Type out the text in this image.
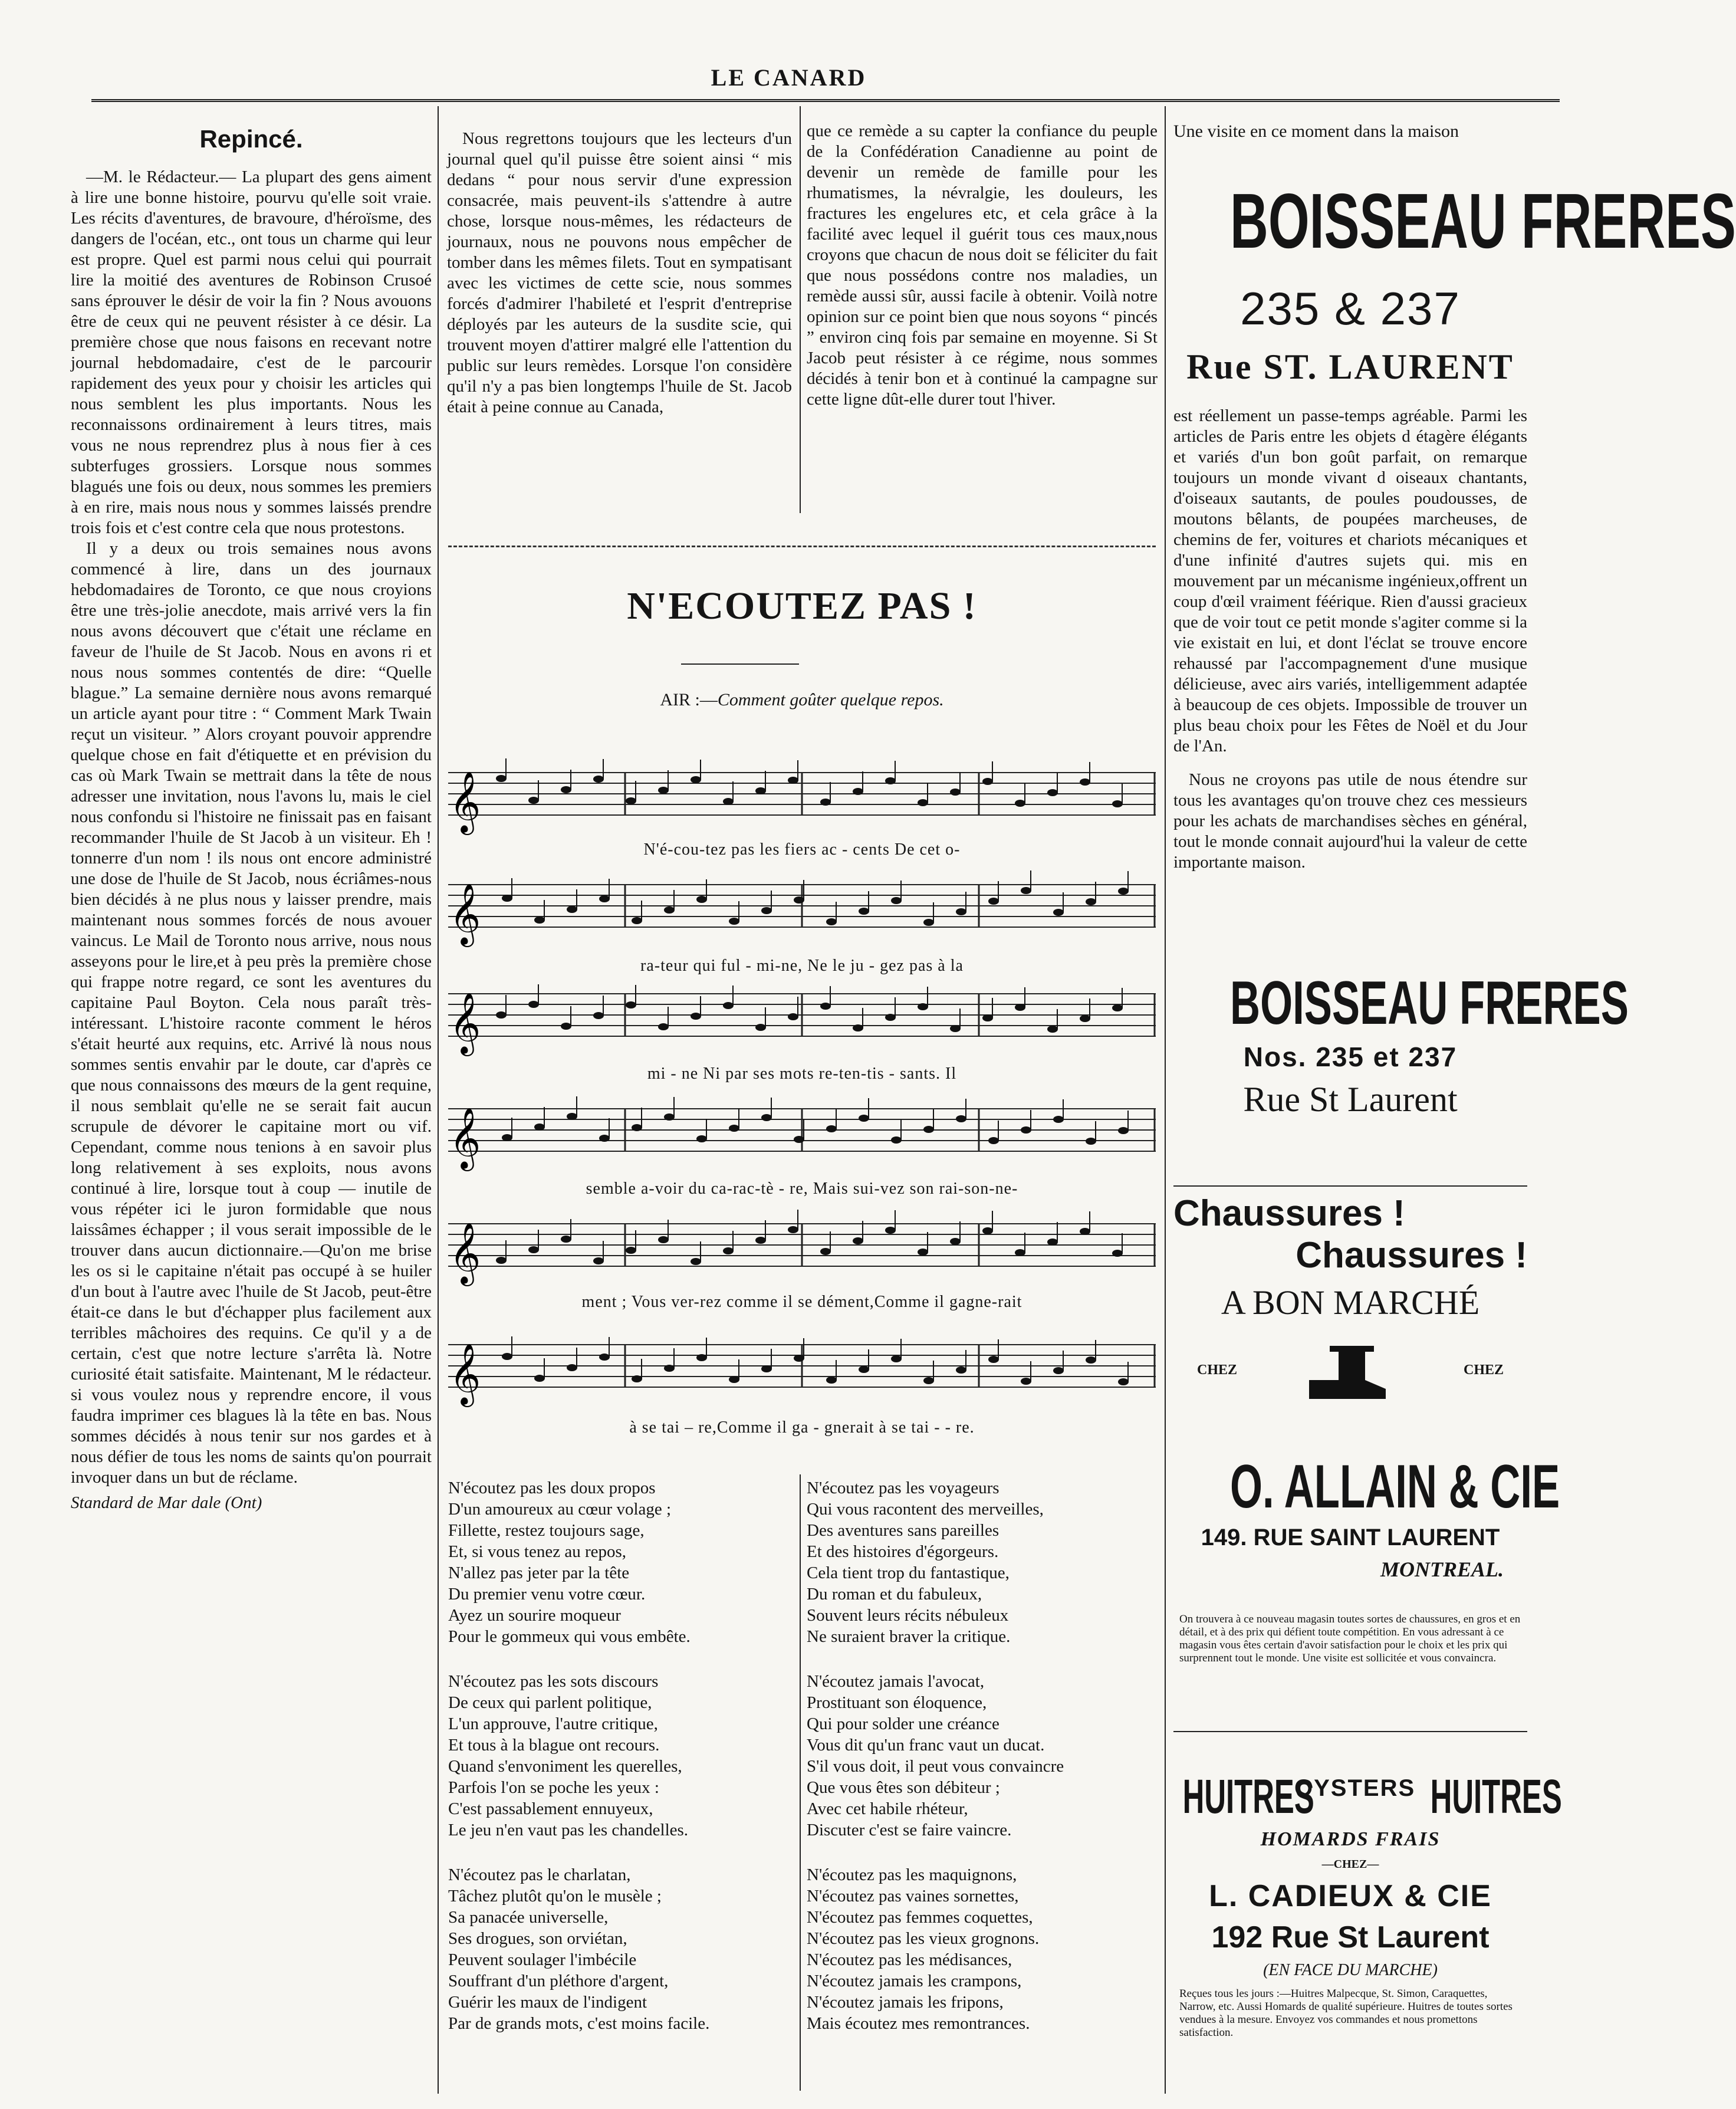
LE CANARD
Repincé.

—M. le Rédacteur.— La plupart des gens aiment à lire une bonne histoire, pourvu qu'elle soit vraie. Les récits d'aventures, de bravoure, d'héroïsme, des dangers de l'océan, etc., ont tous un charme qui leur est propre. Quel est parmi nous celui qui pourrait lire la moitié des aventures de Robinson Crusoé sans éprouver le désir de voir la fin ? Nous avouons être de ceux qui ne peuvent résister à ce désir. La première chose que nous faisons en recevant notre journal hebdomadaire, c'est de le parcourir rapidement des yeux pour y choisir les articles qui nous semblent les plus importants. Nous les reconnaissons ordinairement à leurs titres, mais vous ne nous reprendrez plus à nous fier à ces subterfuges grossiers. Lorsque nous sommes blagués une fois ou deux, nous sommes les premiers à en rire, mais nous nous y sommes laissés prendre trois fois et c'est contre cela que nous protestons.

Il y a deux ou trois semaines nous avons commencé à lire, dans un des journaux hebdomadaires de Toronto, ce que nous croyions être une très-jolie anecdote, mais arrivé vers la fin nous avons découvert que c'était une réclame en faveur de l'huile de St Jacob. Nous en avons ri et nous nous sommes contentés de dire: “Quelle blague.” La semaine dernière nous avons remarqué un article ayant pour titre : “ Comment Mark Twain reçut un visiteur. ” Alors croyant pouvoir apprendre quelque chose en fait d'étiquette et en prévision du cas où Mark Twain se mettrait dans la tête de nous adresser une invitation, nous l'avons lu, mais le ciel nous confondu si l'histoire ne finissait pas en faisant recommander l'huile de St Jacob à un visiteur. Eh ! tonnerre d'un nom ! ils nous ont encore administré une dose de l'huile de St Jacob, nous écriâmes-nous bien décidés à ne plus nous y laisser prendre, mais maintenant nous sommes forcés de nous avouer vaincus. Le Mail de Toronto nous arrive, nous nous asseyons pour le lire,et à peu près la première chose qui frappe notre regard, ce sont les aventures du capitaine Paul Boyton. Cela nous paraît très-intéressant. L'histoire raconte comment le héros s'était heurté aux requins, etc. Arrivé là nous nous sommes sentis envahir par le doute, car d'après ce que nous connaissons des mœurs de la gent requine, il nous semblait qu'elle ne se serait fait aucun scrupule de dévorer le capitaine mort ou vif. Cependant, comme nous tenions à en savoir plus long relativement à ses exploits, nous avons continué à lire, lorsque tout à coup — inutile de vous répéter ici le juron formidable que nous laissâmes échapper ; il vous serait impossible de le trouver dans aucun dictionnaire.—Qu'on me brise les os si le capitaine n'était pas occupé à se huiler d'un bout à l'autre avec l'huile de St Jacob, peut-être était-ce dans le but d'échapper plus facilement aux terribles mâchoires des requins. Ce qu'il y a de certain, c'est que notre lecture s'arrêta là. Notre curiosité était satisfaite. Maintenant, M le rédacteur. si vous voulez nous y reprendre encore, il vous faudra imprimer ces blagues là la tête en bas. Nous sommes décidés à nous tenir sur nos gardes et à nous défier de tous les noms de saints qu'on pourrait invoquer dans un but de réclame.

Standard de Mar dale (Ont)

Nous regrettons toujours que les lecteurs d'un journal quel qu'il puisse être soient ainsi “ mis dedans “ pour nous servir d'une expression consacrée, mais peuvent-ils s'attendre à autre chose, lorsque nous-mêmes, les rédacteurs de journaux, nous ne pouvons nous empêcher de tomber dans les mêmes filets. Tout en sympatisant avec les victimes de cette scie, nous sommes forcés d'admirer l'habileté et l'esprit d'entreprise déployés par les auteurs de la susdite scie, qui trouvent moyen d'attirer malgré elle l'attention du public sur leurs remèdes. Lorsque l'on considère qu'il n'y a pas bien longtemps l'huile de St. Jacob était à peine connue au Canada,

que ce remède a su capter la confiance du peuple de la Confédération Canadienne au point de devenir un remède de famille pour les rhumatismes, la névralgie, les douleurs, les fractures les engelures etc, et cela grâce à la facilité avec lequel il guérit tous ces maux,nous croyons que chacun de nous doit se féliciter du fait que nous possédons contre nos maladies, un remède aussi sûr, aussi facile à obtenir. Voilà notre opinion sur ce point bien que nous soyons “ pincés ” environ cinq fois par semaine en moyenne. Si St Jacob peut résister à ce régime, nous sommes décidés à tenir bon et à continué la campagne sur cette ligne dût-elle durer tout l'hiver.

N'ECOUTEZ PAS !
AIR :—Comment goûter quelque repos.
𝄞
𝄞
𝄞
𝄞
𝄞
𝄞
N'é-cou-tez pas les fiers ac - cents De cet o-
ra-teur qui ful - mi-ne, Ne le ju - gez pas à la
mi - ne Ni par ses mots re-ten-tis - sants. Il
semble a-voir du ca-rac-tè - re, Mais sui-vez son rai-son-ne-
ment ; Vous ver-rez comme il se dément,Comme il gagne-rait
à se tai – re,Comme il ga - gnerait à se tai - - re.
N'écoutez pas les doux propos
D'un amoureux au cœur volage ;
Fillette, restez toujours sage,
Et, si vous tenez au repos,
N'allez pas jeter par la tête
Du premier venu votre cœur.
Ayez un sourire moqueur
Pour le gommeux qui vous embête.
N'écoutez pas les sots discours
De ceux qui parlent politique,
L'un approuve, l'autre critique,
Et tous à la blague ont recours.
Quand s'envoniment les querelles,
Parfois l'on se poche les yeux :
C'est passablement ennuyeux,
Le jeu n'en vaut pas les chandelles.
N'écoutez pas le charlatan,
Tâchez plutôt qu'on le musèle ;
Sa panacée universelle,
Ses drogues, son orviétan,
Peuvent soulager l'imbécile
Souffrant d'un pléthore d'argent,
Guérir les maux de l'indigent
Par de grands mots, c'est moins facile.
N'écoutez pas les voyageurs
Qui vous racontent des merveilles,
Des aventures sans pareilles
Et des histoires d'égorgeurs.
Cela tient trop du fantastique,
Du roman et du fabuleux,
Souvent leurs récits nébuleux
Ne suraient braver la critique.
N'écoutez jamais l'avocat,
Prostituant son éloquence,
Qui pour solder une créance
Vous dit qu'un franc vaut un ducat.
S'il vous doit, il peut vous convaincre
Que vous êtes son débiteur ;
Avec cet habile rhéteur,
Discuter c'est se faire vaincre.
N'écoutez pas les maquignons,
N'écoutez pas vaines sornettes,
N'écoutez pas femmes coquettes,
N'écoutez pas les vieux grognons.
N'écoutez pas les médisances,
N'écoutez jamais les crampons,
N'écoutez jamais les fripons,
Mais écoutez mes remontrances.
Une visite en ce moment dans la maison
BOISSEAU FRERES
235 & 237
Rue ST. LAURENT
est réellement un passe-temps agréable. Parmi les articles de Paris entre les objets d étagère élégants et variés d'un bon goût parfait, on remarque toujours un monde vivant d oiseaux chantants, d'oiseaux sautants, de poules poudousses, de moutons bêlants, de poupées marcheuses, de chemins de fer, voitures et chariots mécaniques et d'une infinité d'autres sujets qui. mis en mouvement par un mécanisme ingénieux,offrent un coup d'œil vraiment féérique. Rien d'aussi gracieux que de voir tout ce petit monde s'agiter comme si la vie existait en lui, et dont l'éclat se trouve encore rehaussé par l'accompagnement d'une musique délicieuse, avec airs variés, intelligemment adaptée à beaucoup de ces objets. Impossible de trouver un plus beau choix pour les Fêtes de Noël et du Jour de l'An.
Nous ne croyons pas utile de nous étendre sur tous les avantages qu'on trouve chez ces messieurs pour les achats de marchandises sèches en général, tout le monde connait aujourd'hui la valeur de cette importante maison.
BOISSEAU FRERES
Nos. 235 et 237
Rue St Laurent
Chaussures !
Chaussures !
A BON MARCHÉ
CHEZ	CHEZ
O. ALLAIN & CIE
149. RUE SAINT LAURENT
MONTREAL.
On trouvera à ce nouveau magasin toutes sortes de chaussures, en gros et en détail, et à des prix qui défient toute compétition. En vous adressant à ce magasin vous êtes certain d'avoir satisfaction pour le choix et les prix qui surprennent tout le monde. Une visite est sollicitée et vous convaincra.
HUITRES
OYSTERS HUITRES
HOMARDS FRAIS
—CHEZ—
L. CADIEUX & CIE
192 Rue St Laurent
(EN FACE DU MARCHE)
Reçues tous les jours :—Huitres Malpecque, St. Simon, Caraquettes, Narrow, etc. Aussi Homards de qualité supérieure. Huitres de toutes sortes vendues à la mesure. Envoyez vos commandes et nous promettons satisfaction.
